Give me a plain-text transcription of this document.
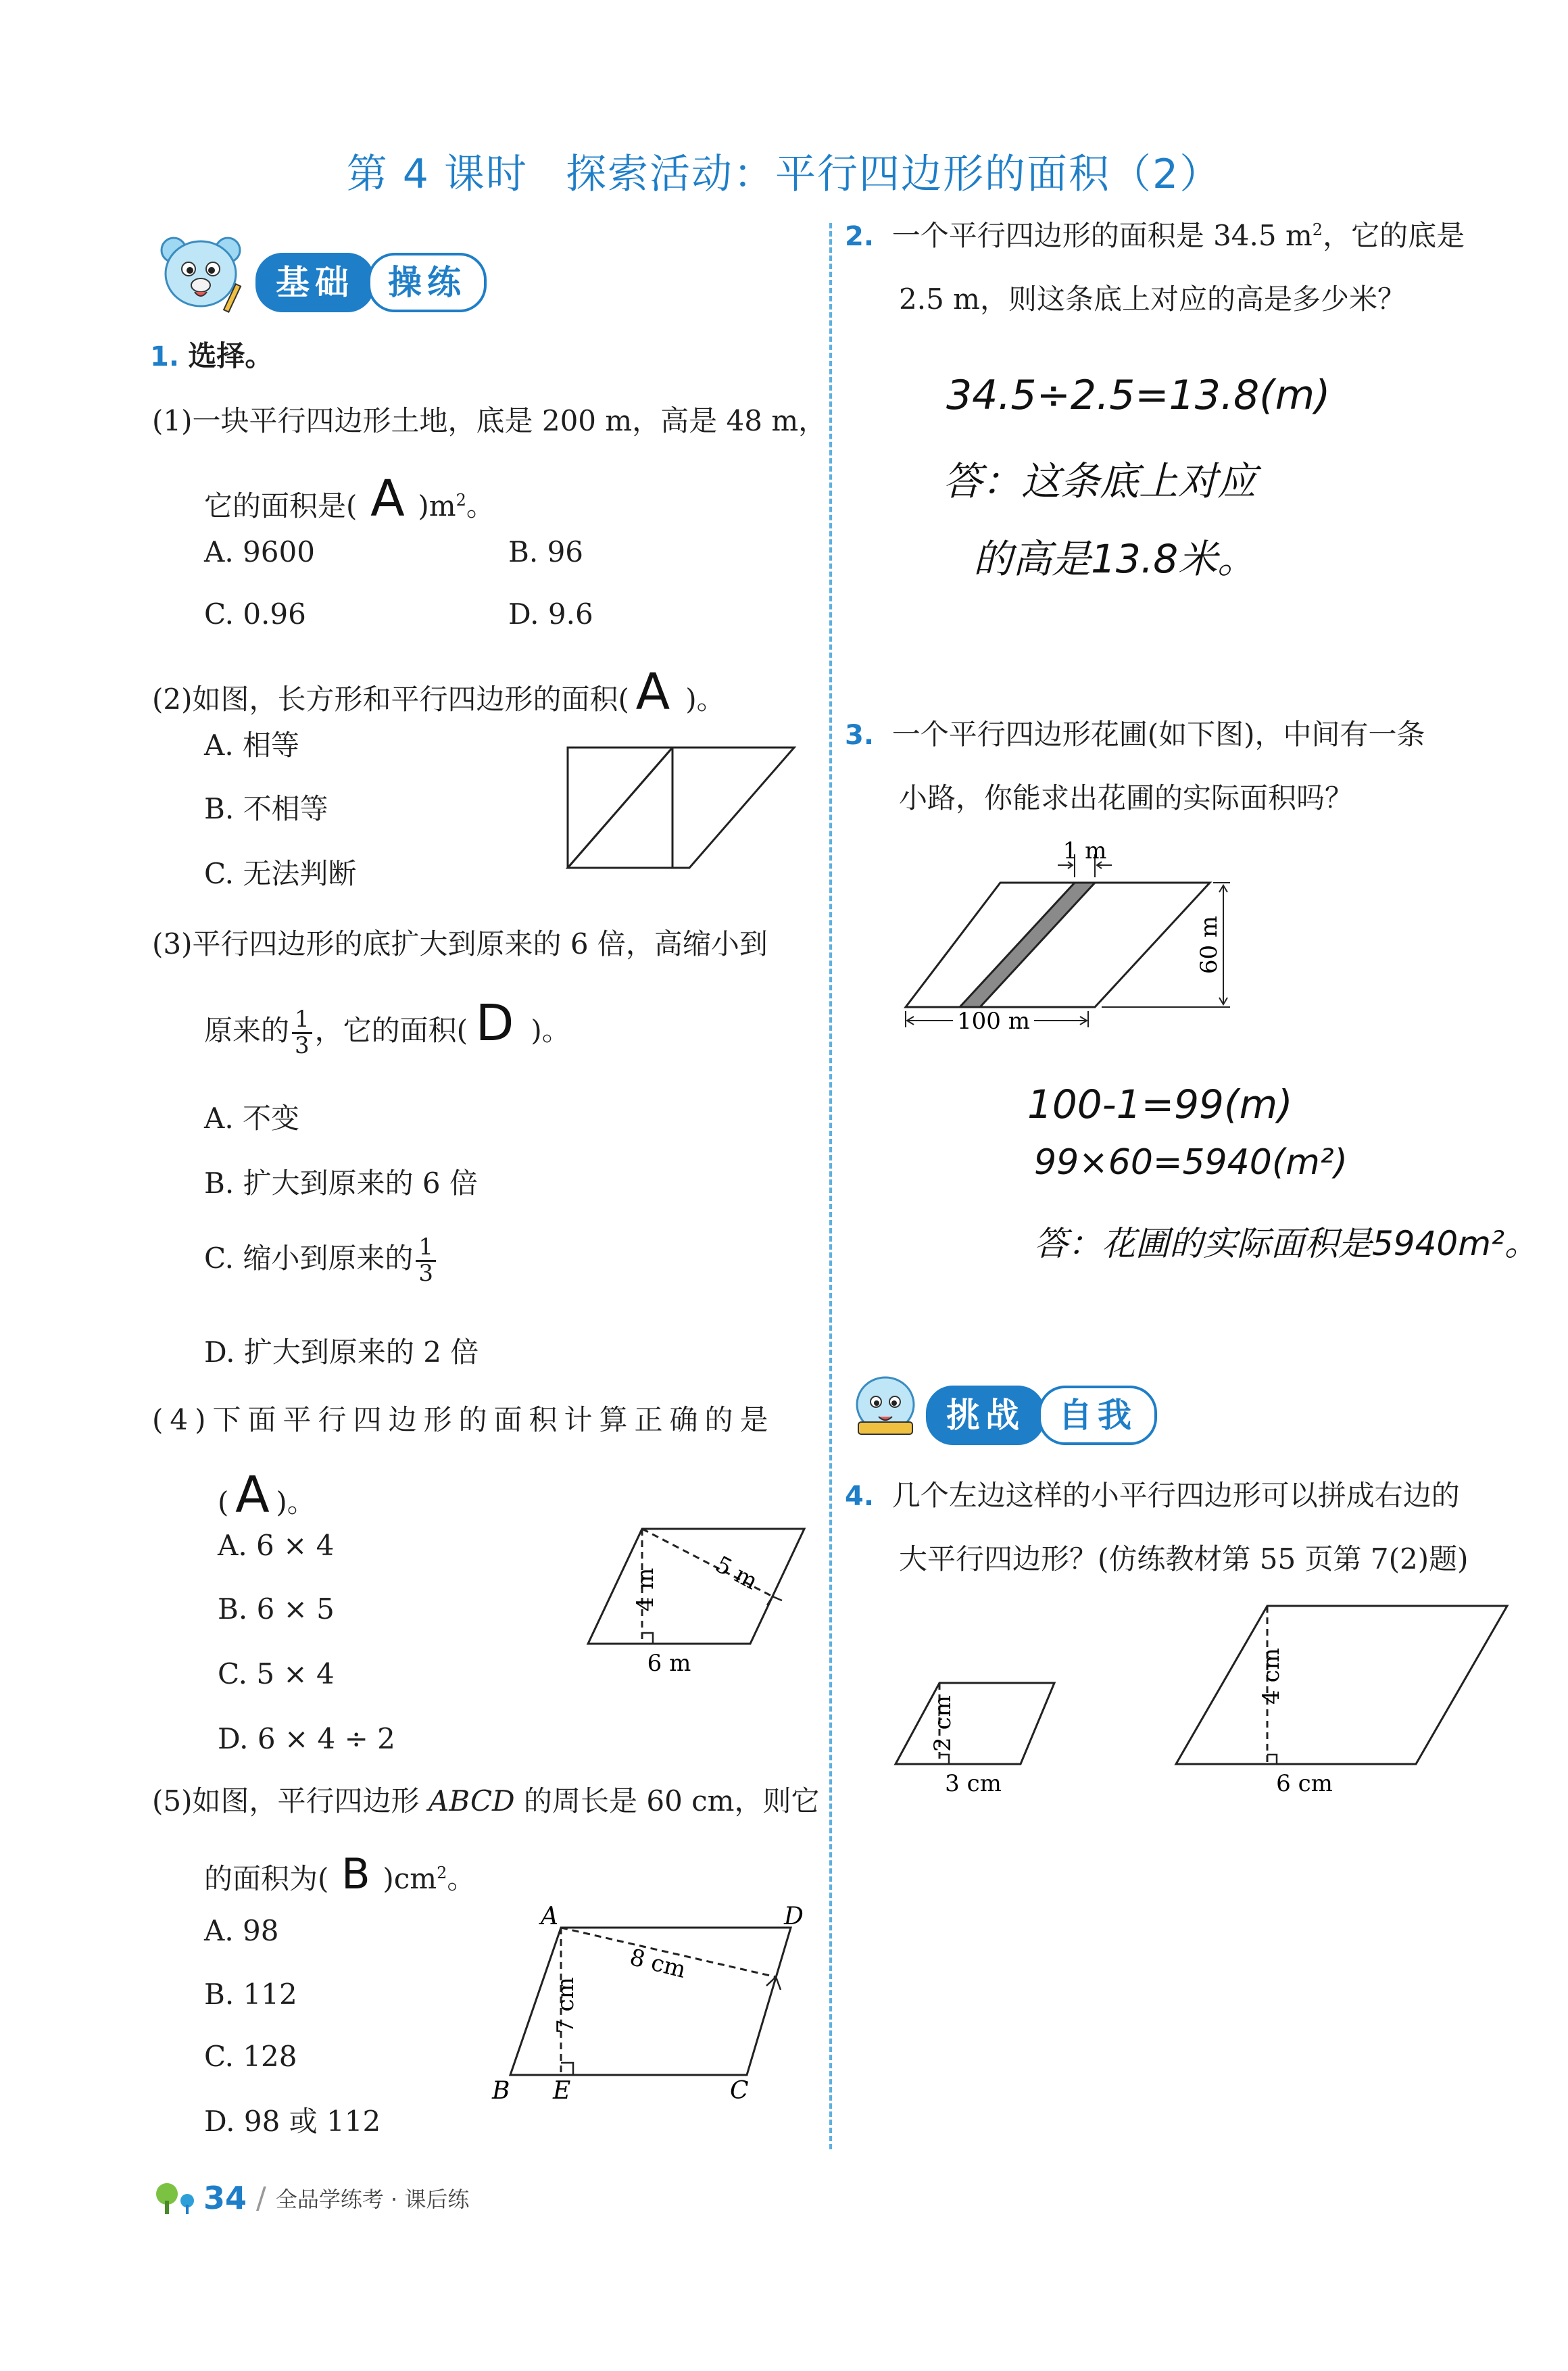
第 4 课时 探索活动：平行四边形的面积（2）
基础	操练
1. 选择。
(1)一块平行四边形土地，底是 200 m，高是 48 m，
它的面积是( A )$m^2$。
A. 9600	B. 96
C. 0.96	D. 9.6
(2)如图，长方形和平行四边形的面积( A )。
A. 相等
B. 不相等
C. 无法判断
(3)平行四边形的底扩大到原来的 6 倍，高缩小到
原来的 $\frac{1}{3}$ ，它的面积( D )。
A. 不变
B. 扩大到原来的 6 倍
C. 缩小到原来的 $\frac{1}{3}$
D. 扩大到原来的 2 倍
(4)下面平行四边形的面积计算正确的是
( A )。
A. 6 × 4
B. 6 × 5
C. 5 × 4
D. 6 × 4 ÷ 2
4 m 5 m
6 m
(5)如图，平行四边形 ABCD 的周长是 60 cm，则它
的面积为( B )$cm^2$。
A. 98
B. 112
C. 128
D. 98 或 112
A	D
B E	C
7 cm
8 cm
2. 一个平行四边形的面积是 34.5 $m^2$，它的底是
2.5 m，则这条底上对应的高是多少米？
34.5÷2.5=13.8(m)
答：这条底上对应
的高是13.8米。
3. 一个平行四边形花圃(如下图)，中间有一条
小路，你能求出花圃的实际面积吗？
1 m
60 m
100 m
100-1=99(m)
99×60=5940(m²)
答：花圃的实际面积是5940m²。
挑战	自我
4. 几个左边这样的小平行四边形可以拼成右边的
大平行四边形？(仿练教材第 55 页第 7(2)题)
2 cm
3 cm
4 cm
6 cm
34 / 全品学练考 · 课后练
